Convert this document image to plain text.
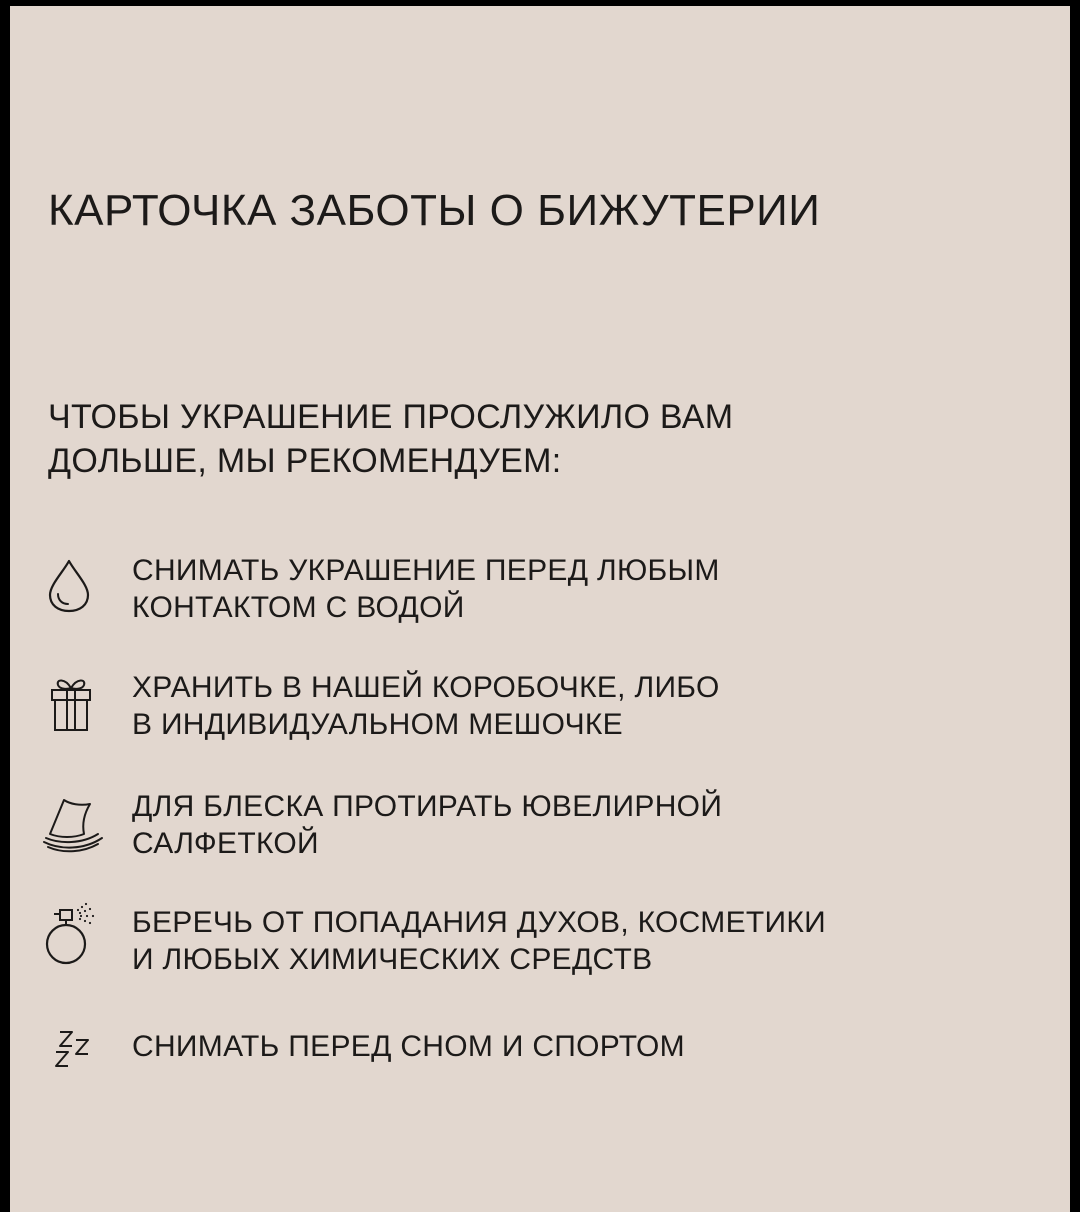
КАРТОЧКА ЗАБОТЫ О БИЖУТЕРИИ
ЧТОБЫ УКРАШЕНИЕ ПРОСЛУЖИЛО ВАМ
ДОЛЬШЕ, МЫ РЕКОМЕНДУЕМ:
СНИМАТЬ УКРАШЕНИЕ ПЕРЕД ЛЮБЫМ
КОНТАКТОМ С ВОДОЙ
ХРАНИТЬ В НАШЕЙ КОРОБОЧКЕ, ЛИБО
В ИНДИВИДУАЛЬНОМ МЕШОЧКЕ
ДЛЯ БЛЕСКА ПРОТИРАТЬ ЮВЕЛИРНОЙ
САЛФЕТКОЙ
БЕРЕЧЬ ОТ ПОПАДАНИЯ ДУХОВ, КОСМЕТИКИ
И ЛЮБЫХ ХИМИЧЕСКИХ СРЕДСТВ
СНИМАТЬ ПЕРЕД СНОМ И СПОРТОМ
